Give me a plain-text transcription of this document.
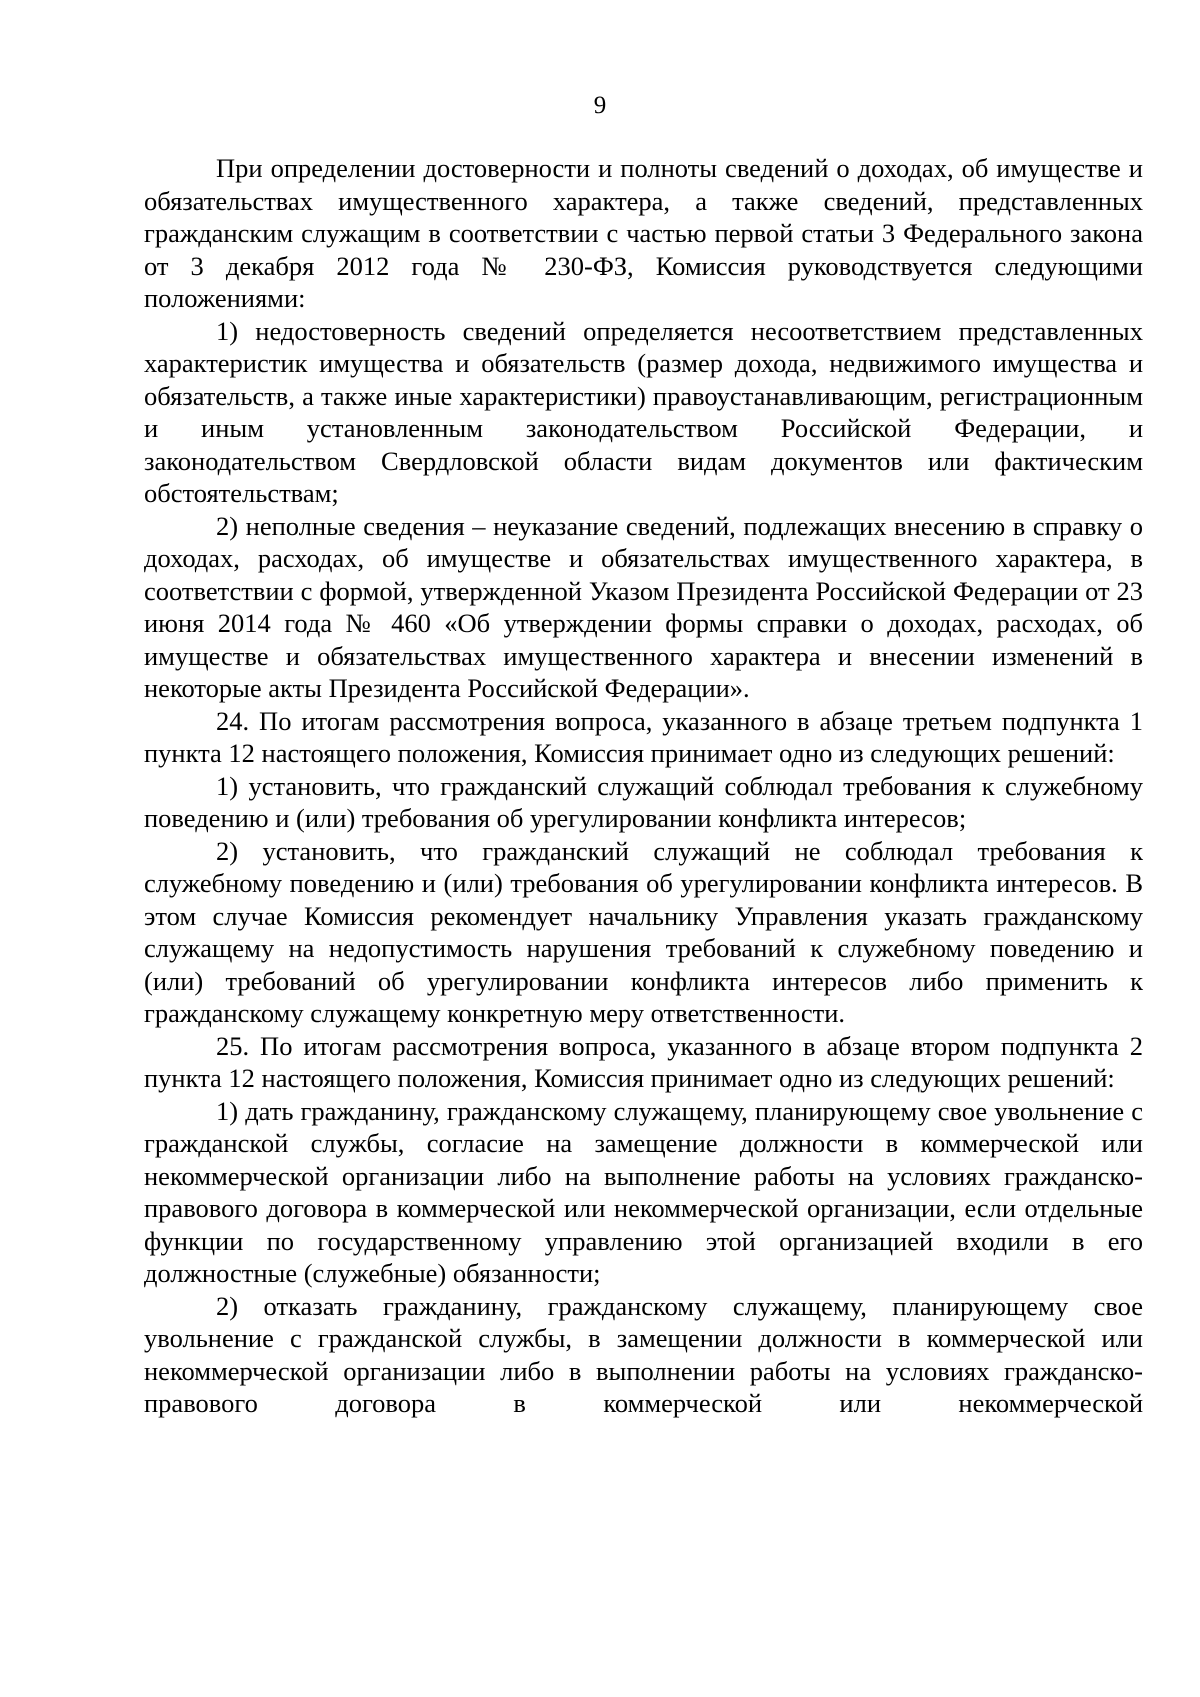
9

При определении достоверности и полноты сведений о доходах, об имуществе и обязательствах имущественного характера, а также сведений, представленных гражданским служащим в соответствии с частью первой статьи 3 Федерального закона от 3 декабря 2012 года № 230-ФЗ, Комиссия руководствуется следующими положениями:

1) недостоверность сведений определяется несоответствием представленных характеристик имущества и обязательств (размер дохода, недвижимого имущества и обязательств, а также иные характеристики) правоустанавливающим, регистрационным и иным установленным законодательством Российской Федерации, и законодательством Свердловской области видам документов или фактическим обстоятельствам;

2) неполные сведения – неуказание сведений, подлежащих внесению в справку о доходах, расходах, об имуществе и обязательствах имущественного характера, в соответствии с формой, утвержденной Указом Президента Российской Федерации от 23 июня 2014 года № 460 «Об утверждении формы справки о доходах, расходах, об имуществе и обязательствах имущественного характера и внесении изменений в некоторые акты Президента Российской Федерации».

24. По итогам рассмотрения вопроса, указанного в абзаце третьем подпункта 1 пункта 12 настоящего положения, Комиссия принимает одно из следующих решений:

1) установить, что гражданский служащий соблюдал требования к служебному поведению и (или) требования об урегулировании конфликта интересов;

2) установить, что гражданский служащий не соблюдал требования к служебному поведению и (или) требования об урегулировании конфликта интересов. В этом случае Комиссия рекомендует начальнику Управления указать гражданскому служащему на недопустимость нарушения требований к служебному поведению и (или) требований об урегулировании конфликта интересов либо применить к гражданскому служащему конкретную меру ответственности.

25. По итогам рассмотрения вопроса, указанного в абзаце втором подпункта 2 пункта 12 настоящего положения, Комиссия принимает одно из следующих решений:

1) дать гражданину, гражданскому служащему, планирующему свое увольнение с гражданской службы, согласие на замещение должности в коммерческой или некоммерческой организации либо на выполнение работы на условиях гражданско-правового договора в коммерческой или некоммерческой организации, если отдельные функции по государственному управлению этой организацией входили в его должностные (служебные) обязанности;

2) отказать гражданину, гражданскому служащему, планирующему свое увольнение с гражданской службы, в замещении должности в коммерческой или некоммерческой организации либо в выполнении работы на условиях гражданско-правового договора в коммерческой или некоммерческой
